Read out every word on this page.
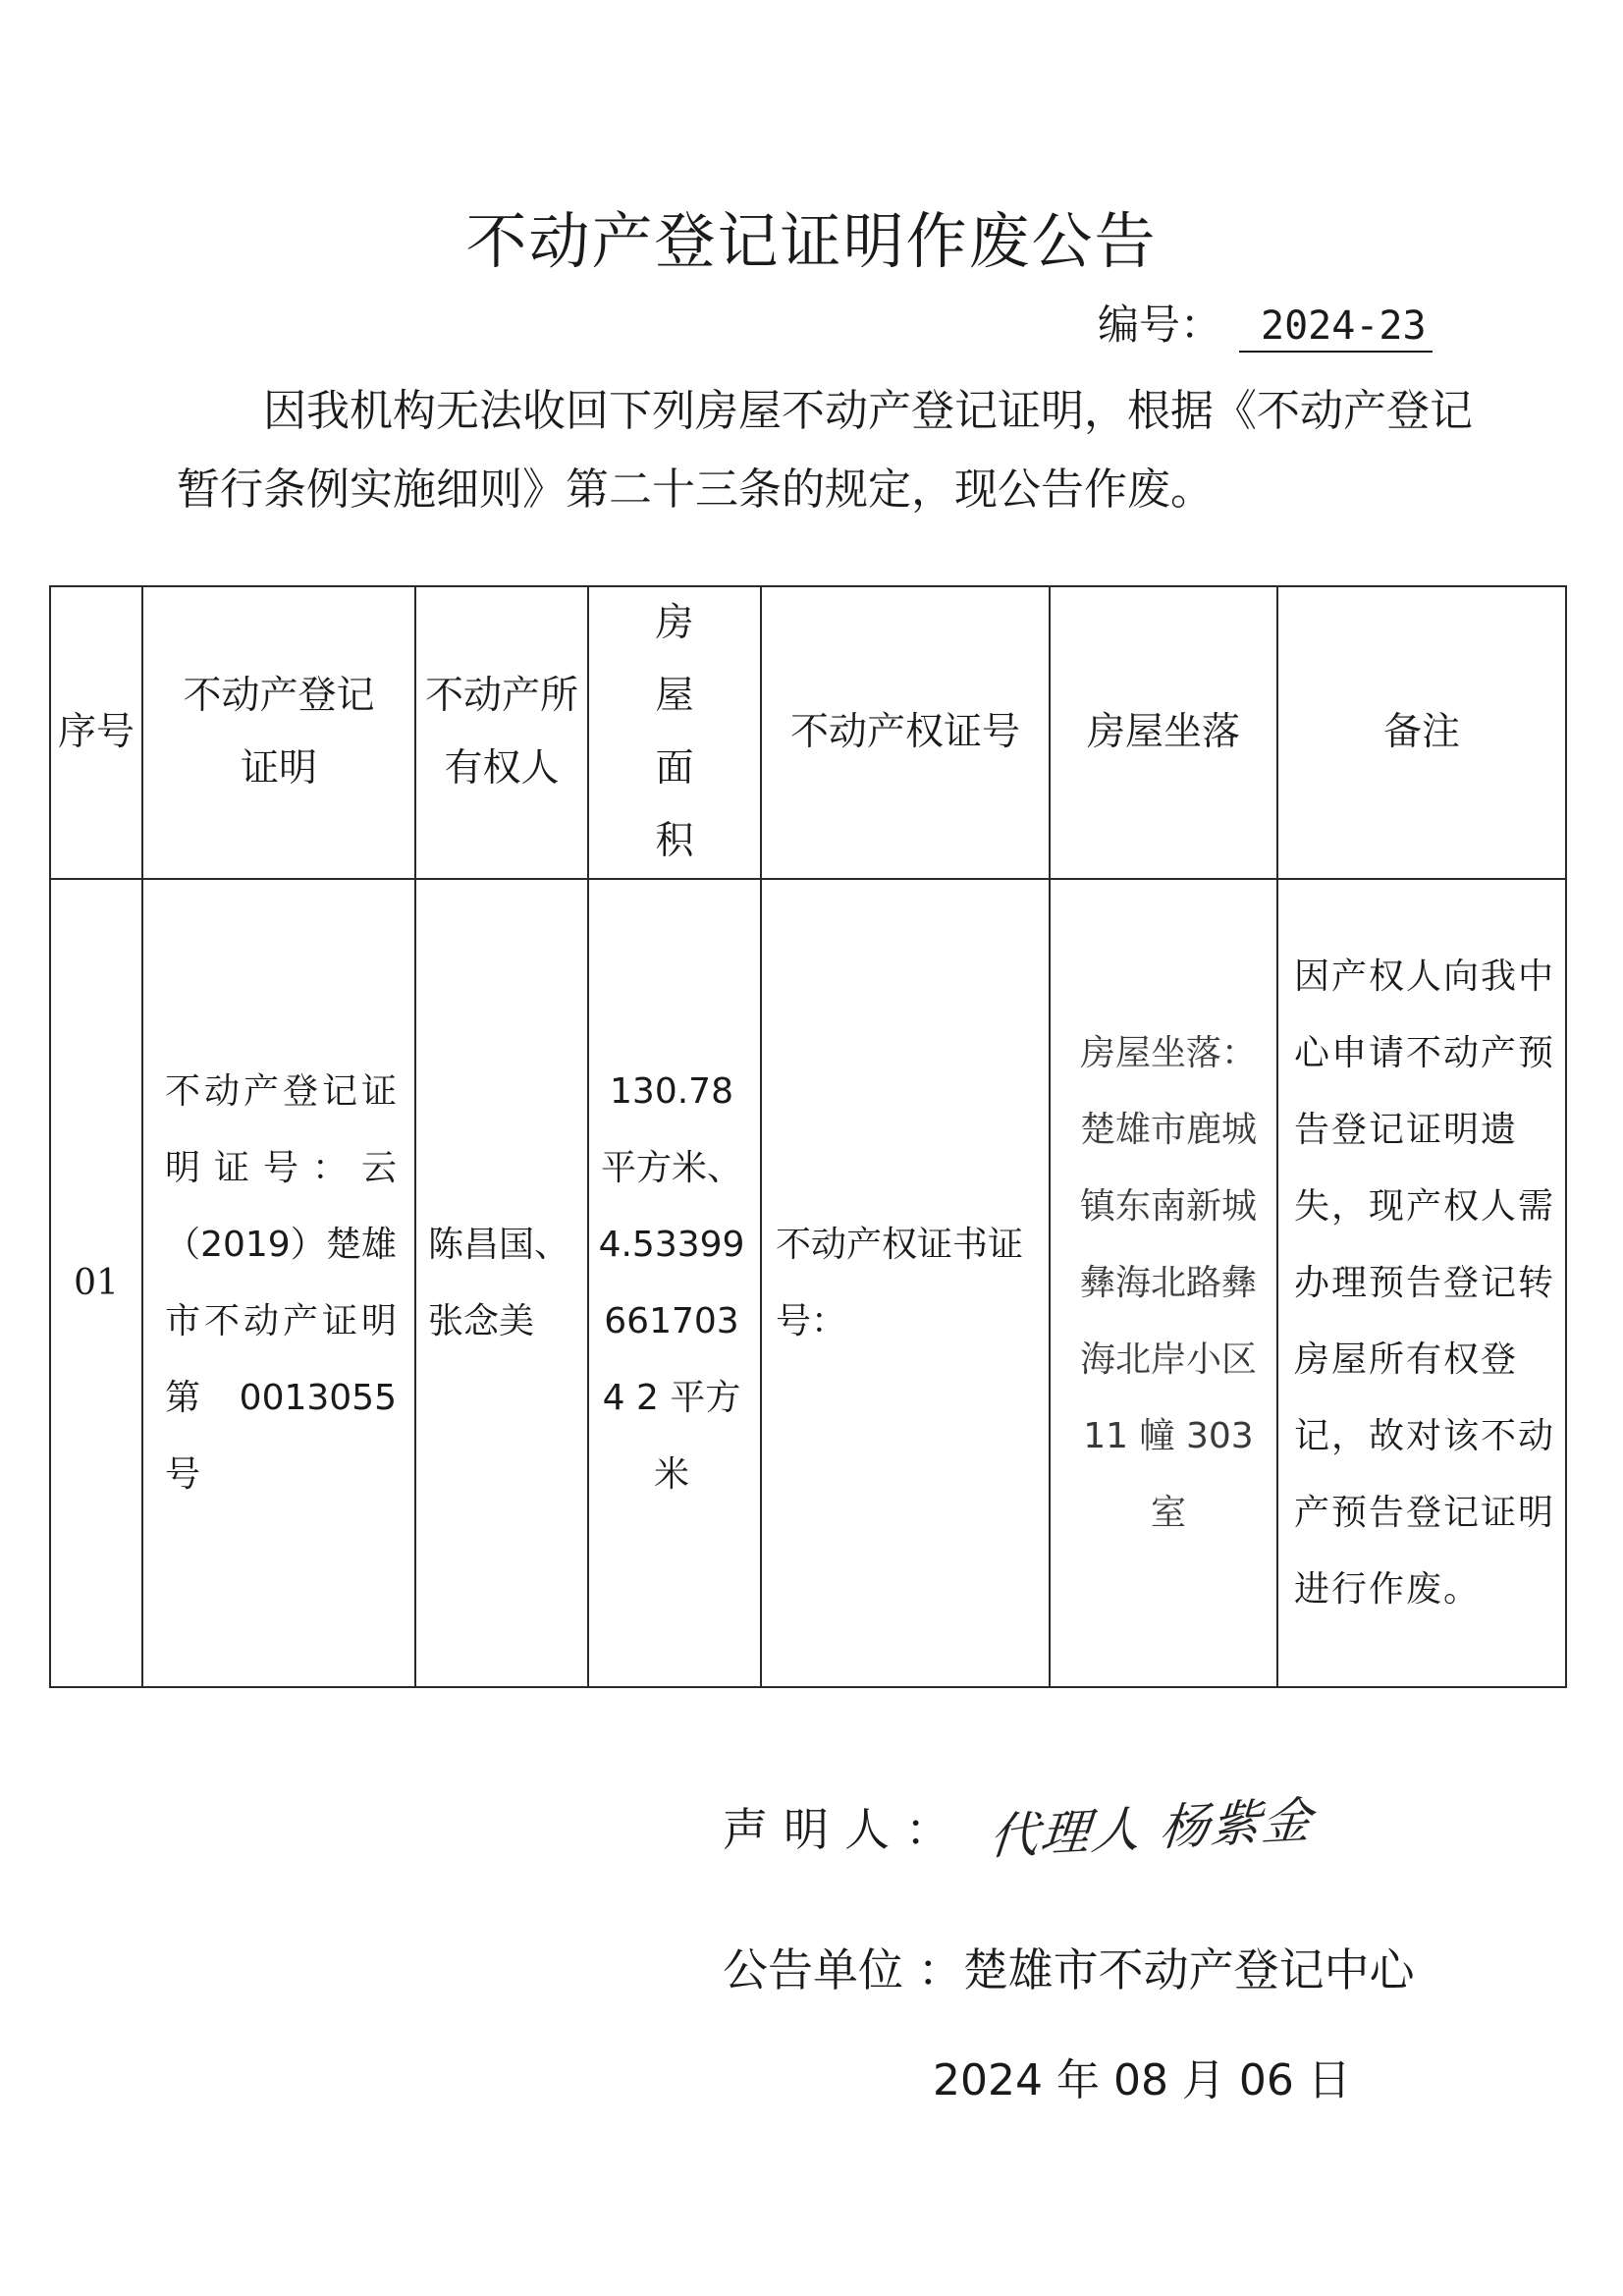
不动产登记证明作废公告
编号： 2024-23
因我机构无法收回下列房屋不动产登记证明，根据《不动产登记
暂行条例实施细则》第二十三条的规定，现公告作废。
序号	不动产登记证明	不动产所有权人	房屋面积	不动产权证号	房屋坐落	备注
01	不动产登记证明证号：云（2019）楚雄市不动产证明第 0013055 号	陈昌国、张念美	130.78 平方米、4.533996617034 2 平方米	不动产权证书证号：	房屋坐落：楚雄市鹿城镇东南新城彝海北路彝海北岸小区 11 幢 303 室	因产权人向我中心申请不动产预告登记证明遗失，现产权人需办理预告登记转房屋所有权登记，故对该不动产预告登记证明进行作废。
声明人： 代理人 杨紫金
公告单位 ：楚雄市不动产登记中心
2024 年 08 月 06 日
